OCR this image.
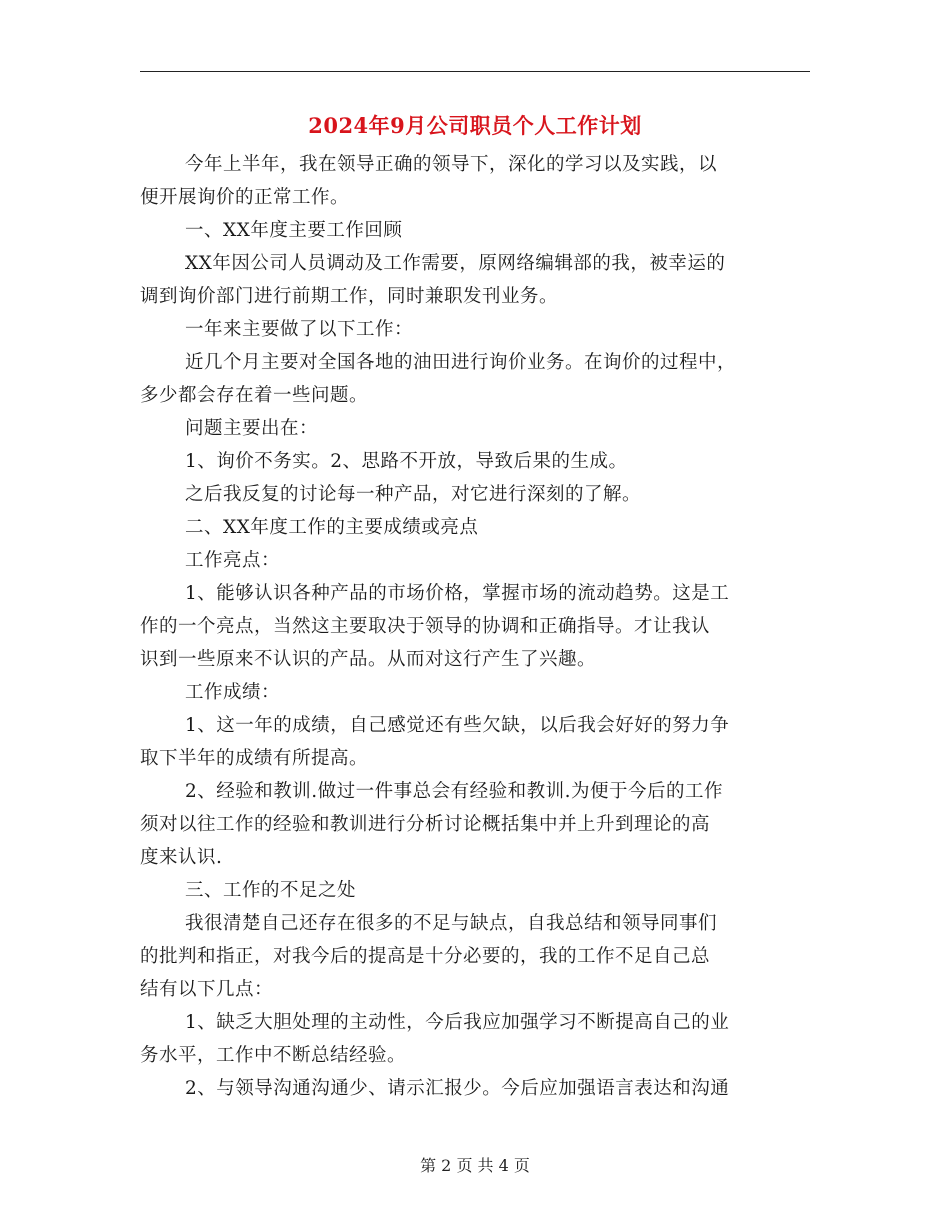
2024年9月公司职员个人工作计划
今年上半年，我在领导正确的领导下，深化的学习以及实践，以
便开展询价的正常工作。
一、XX年度主要工作回顾
XX年因公司人员调动及工作需要，原网络编辑部的我，被幸运的
调到询价部门进行前期工作，同时兼职发刊业务。
一年来主要做了以下工作：
近几个月主要对全国各地的油田进行询价业务。在询价的过程中，
多少都会存在着一些问题。
问题主要出在：
1、询价不务实。2、思路不开放，导致后果的生成。
之后我反复的讨论每一种产品，对它进行深刻的了解。
二、XX年度工作的主要成绩或亮点
工作亮点：
1、能够认识各种产品的市场价格，掌握市场的流动趋势。这是工
作的一个亮点，当然这主要取决于领导的协调和正确指导。才让我认
识到一些原来不认识的产品。从而对这行产生了兴趣。
工作成绩：
1、这一年的成绩，自己感觉还有些欠缺，以后我会好好的努力争
取下半年的成绩有所提高。
2、经验和教训.做过一件事总会有经验和教训.为便于今后的工作
须对以往工作的经验和教训进行分析讨论概括集中并上升到理论的高
度来认识.
三、工作的不足之处
我很清楚自己还存在很多的不足与缺点，自我总结和领导同事们
的批判和指正，对我今后的提高是十分必要的，我的工作不足自己总
结有以下几点：
1、缺乏大胆处理的主动性，今后我应加强学习不断提高自己的业
务水平，工作中不断总结经验。
2、与领导沟通沟通少、请示汇报少。今后应加强语言表达和沟通
第 2 页 共 4 页
